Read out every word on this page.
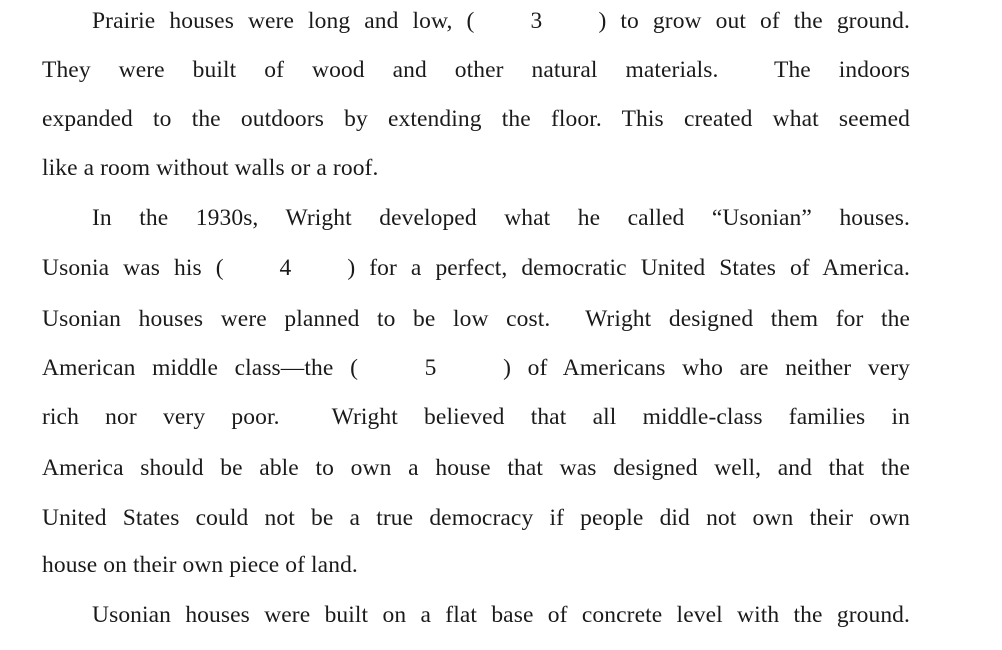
Prairie houses were long and low, (    3    ) to grow out of the ground.

They were built of wood and other natural materials.  The indoors

expanded to the outdoors by extending the floor. This created what seemed

like a room without walls or a roof.

In the 1930s, Wright developed what he called “Usonian” houses.

Usonia was his (    4    ) for a perfect, democratic United States of America.

Usonian houses were planned to be low cost.  Wright designed them for the

American middle class—the (    5    ) of Americans who are neither very

rich nor very poor.  Wright believed that all middle-class families in

America should be able to own a house that was designed well, and that the

United States could not be a true democracy if people did not own their own

house on their own piece of land.

Usonian houses were built on a flat base of concrete level with the ground.
